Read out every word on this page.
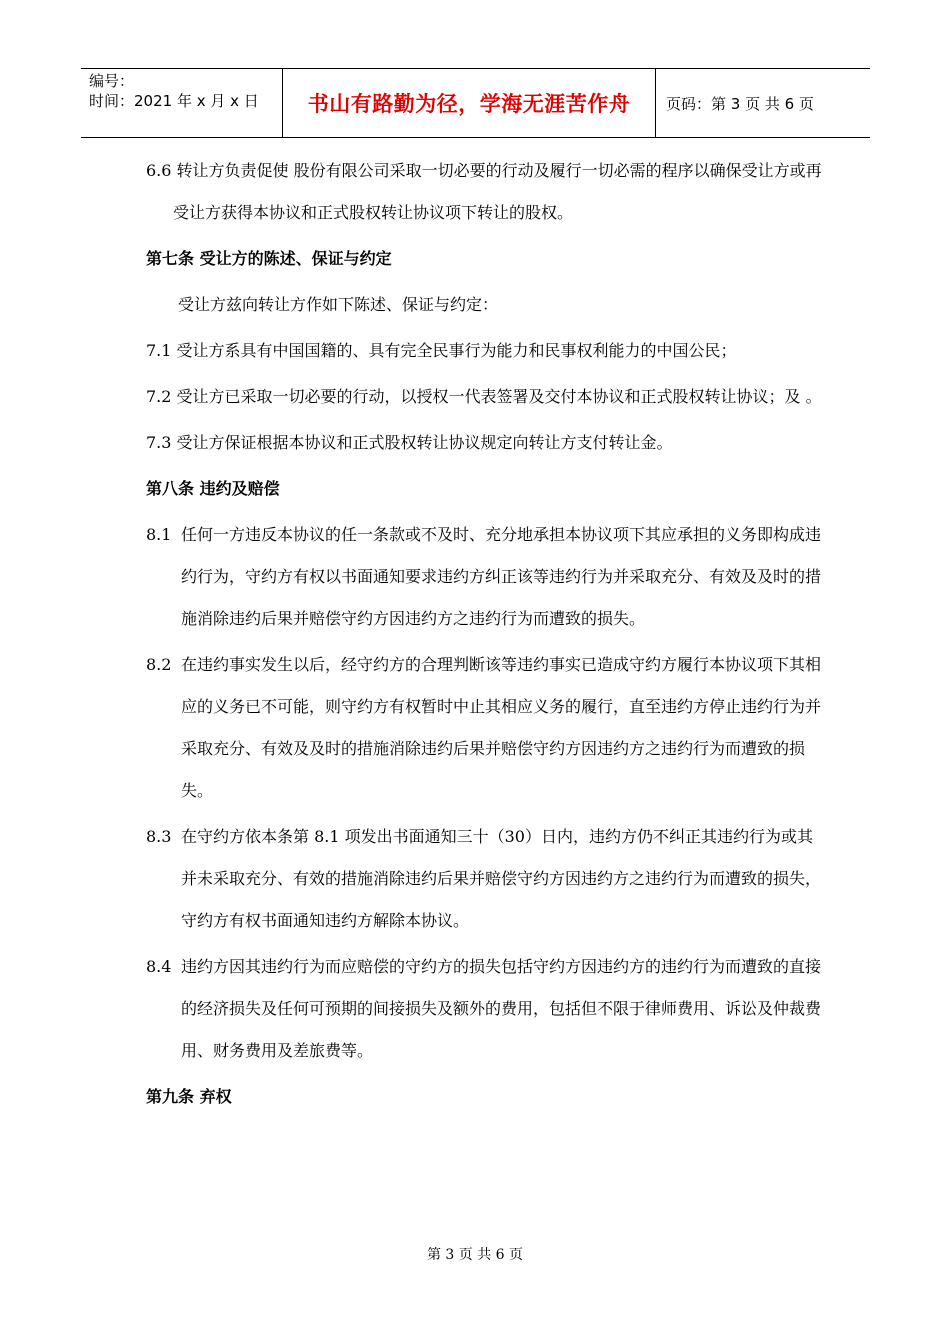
编号：
时间：2021 年 x 月 x 日	书山有路勤为径，学海无涯苦作舟	页码：第 3 页 共 6 页

6.6 转让方负责促使 股份有限公司采取一切必要的行动及履行一切必需的程序以确保受让方或再受让方获得本协议和正式股权转让协议项下转让的股权。

第七条 受让方的陈述、保证与约定

受让方兹向转让方作如下陈述、保证与约定：

7.1 受让方系具有中国国籍的、具有完全民事行为能力和民事权利能力的中国公民；

7.2 受让方已采取一切必要的行动，以授权一代表签署及交付本协议和正式股权转让协议；及 。

7.3 受让方保证根据本协议和正式股权转让协议规定向转让方支付转让金。

第八条 违约及赔偿

8.1 任何一方违反本协议的任一条款或不及时、充分地承担本协议项下其应承担的义务即构成违约行为，守约方有权以书面通知要求违约方纠正该等违约行为并采取充分、有效及及时的措施消除违约后果并赔偿守约方因违约方之违约行为而遭致的损失。
8.2 在违约事实发生以后，经守约方的合理判断该等违约事实已造成守约方履行本协议项下其相应的义务已不可能，则守约方有权暂时中止其相应义务的履行，直至违约方停止违约行为并采取充分、有效及及时的措施消除违约后果并赔偿守约方因违约方之违约行为而遭致的损失。
8.3 在守约方依本条第 8.1 项发出书面通知三十（30）日内，违约方仍不纠正其违约行为或其并未采取充分、有效的措施消除违约后果并赔偿守约方因违约方之违约行为而遭致的损失，守约方有权书面通知违约方解除本协议。
8.4 违约方因其违约行为而应赔偿的守约方的损失包括守约方因违约方的违约行为而遭致的直接的经济损失及任何可预期的间接损失及额外的费用，包括但不限于律师费用、诉讼及仲裁费用、财务费用及差旅费等。

第九条 弃权

第 3 页 共 6 页
